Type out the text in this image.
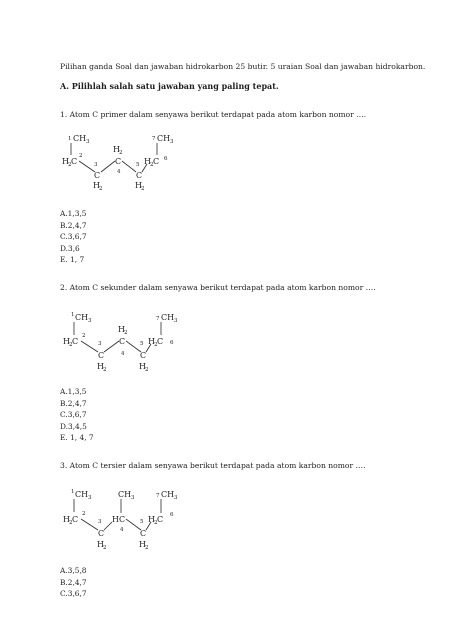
Pilihan ganda Soal dan jawaban hidrokarbon 25 butir. 5 uraian Soal dan jawaban hidrokarbon.
A. Pilihlah salah satu jawaban yang paling tepat.
1. Atom C primer dalam senyawa berikut terdapat pada atom karbon nomor ….
1 CH 3
H 2 C
2
3
C
H 2
H 2
C
4
5
C
H 2
H 2 C 6
7 CH 3
A.1,3,5
B.2,4,7
C.3,6,7
D.3,6
E. 1, 7
2. Atom C sekunder dalam senyawa berikut terdapat pada atom karbon nomor ….
1 CH 3
H 2 C
2
3
C
H 2
H 2
C
4
5
C
H 2
H 2 C 6
7 CH 3
A.1,3,5
B.2,4,7
C.3,6,7
D.3,4,5
E. 1, 4, 7
3. Atom C tersier dalam senyawa berikut terdapat pada atom karbon nomor ….
1 CH 3
H 2 C
2
3
C
H 2
HC
4
CH 3
5
C
H 2
H 2 C 6
7 CH 3
A.3,5,8
B.2,4,7
C.3,6,7
